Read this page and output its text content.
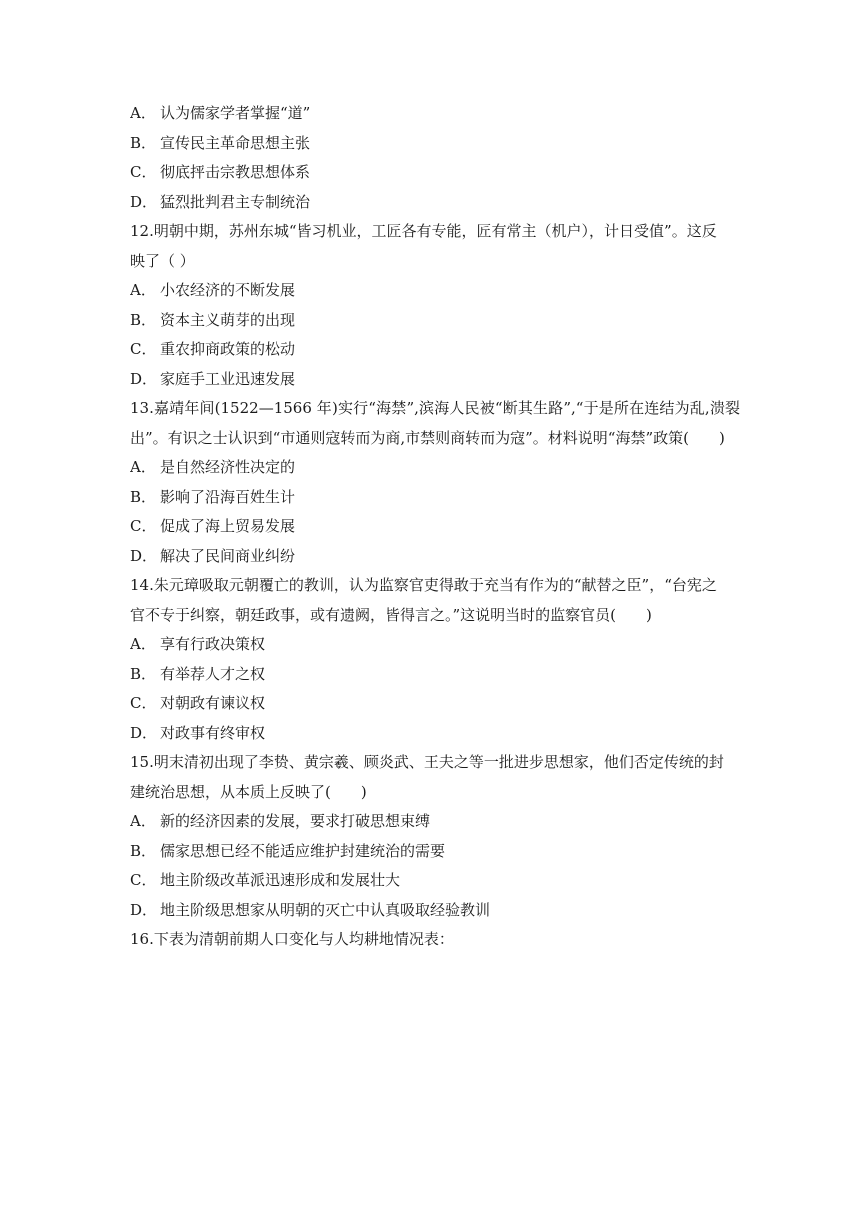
A． 认为儒家学者掌握“道”
B． 宣传民主革命思想主张
C． 彻底抨击宗教思想体系
D． 猛烈批判君主专制统治
12.明朝中期，苏州东城“皆习机业，工匠各有专能，匠有常主（机户），计日受值”。这反
映了（ ）
A． 小农经济的不断发展
B． 资本主义萌芽的出现
C． 重农抑商政策的松动
D． 家庭手工业迅速发展
13.嘉靖年间(1522—1566 年)实行“海禁”,滨海人民被“断其生路”,“于是所在连结为乱,溃裂
出”。有识之士认识到“市通则寇转而为商,市禁则商转而为寇”。材料说明“海禁”政策(　　)
A． 是自然经济性决定的
B． 影响了沿海百姓生计
C． 促成了海上贸易发展
D． 解决了民间商业纠纷
14.朱元璋吸取元朝覆亡的教训，认为监察官吏得敢于充当有作为的“献替之臣”，“台宪之
官不专于纠察，朝廷政事，或有遗阙，皆得言之。”这说明当时的监察官员(　　)
A． 享有行政决策权
B． 有举荐人才之权
C． 对朝政有谏议权
D． 对政事有终审权
15.明末清初出现了李贽、黄宗羲、顾炎武、王夫之等一批进步思想家，他们否定传统的封
建统治思想，从本质上反映了(　　)
A． 新的经济因素的发展，要求打破思想束缚
B． 儒家思想已经不能适应维护封建统治的需要
C． 地主阶级改革派迅速形成和发展壮大
D． 地主阶级思想家从明朝的灭亡中认真吸取经验教训
16.下表为清朝前期人口变化与人均耕地情况表：
